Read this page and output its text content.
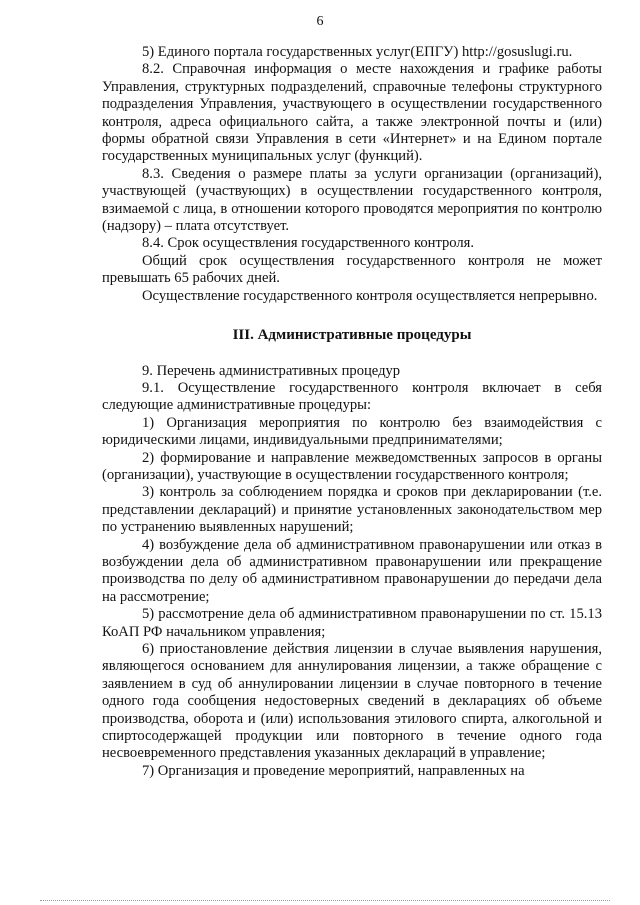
6

5) Единого портала государственных услуг(ЕПГУ) http://gosuslugi.ru.

8.2. Справочная информация о месте нахождения и графике работы Управления, структурных подразделений, справочные телефоны структурного подразделения Управления, участвующего в осуществлении государственного контроля, адреса официального сайта, а также электронной почты и (или) формы обратной связи Управления в сети «Интернет» и на Едином портале государственных муниципальных услуг (функций).

8.3. Сведения о размере платы за услуги организации (организаций), участвующей (участвующих) в осуществлении государственного контроля, взимаемой с лица, в отношении которого проводятся мероприятия по контролю (надзору) – плата отсутствует.

8.4. Срок осуществления государственного контроля.

Общий срок осуществления государственного контроля не может превышать 65 рабочих дней.

Осуществление государственного контроля осуществляется непрерывно.

III. Административные процедуры

9. Перечень административных процедур

9.1. Осуществление государственного контроля включает в себя следующие административные процедуры:

1) Организация мероприятия по контролю без взаимодействия с юридическими лицами, индивидуальными предпринимателями;

2) формирование и направление межведомственных запросов в органы (организации), участвующие в осуществлении государственного контроля;

3) контроль за соблюдением порядка и сроков при декларировании (т.е. представлении деклараций) и принятие установленных законодательством мер по устранению выявленных нарушений;

4) возбуждение дела об административном правонарушении или отказ в возбуждении дела об административном правонарушении или прекращение производства по делу об административном правонарушении до передачи дела на рассмотрение;

5) рассмотрение дела об административном правонарушении по ст. 15.13 КоАП РФ начальником управления;

6) приостановление действия лицензии в случае выявления нарушения, являющегося основанием для аннулирования лицензии, а также обращение с заявлением в суд об аннулировании лицензии в случае повторного в течение одного года сообщения недостоверных сведений в декларациях об объеме производства, оборота и (или) использования этилового спирта, алкогольной и спиртосодержащей продукции или повторного в течение одного года несвоевременного представления указанных деклараций в управление;

7) Организация и проведение мероприятий, направленных на
